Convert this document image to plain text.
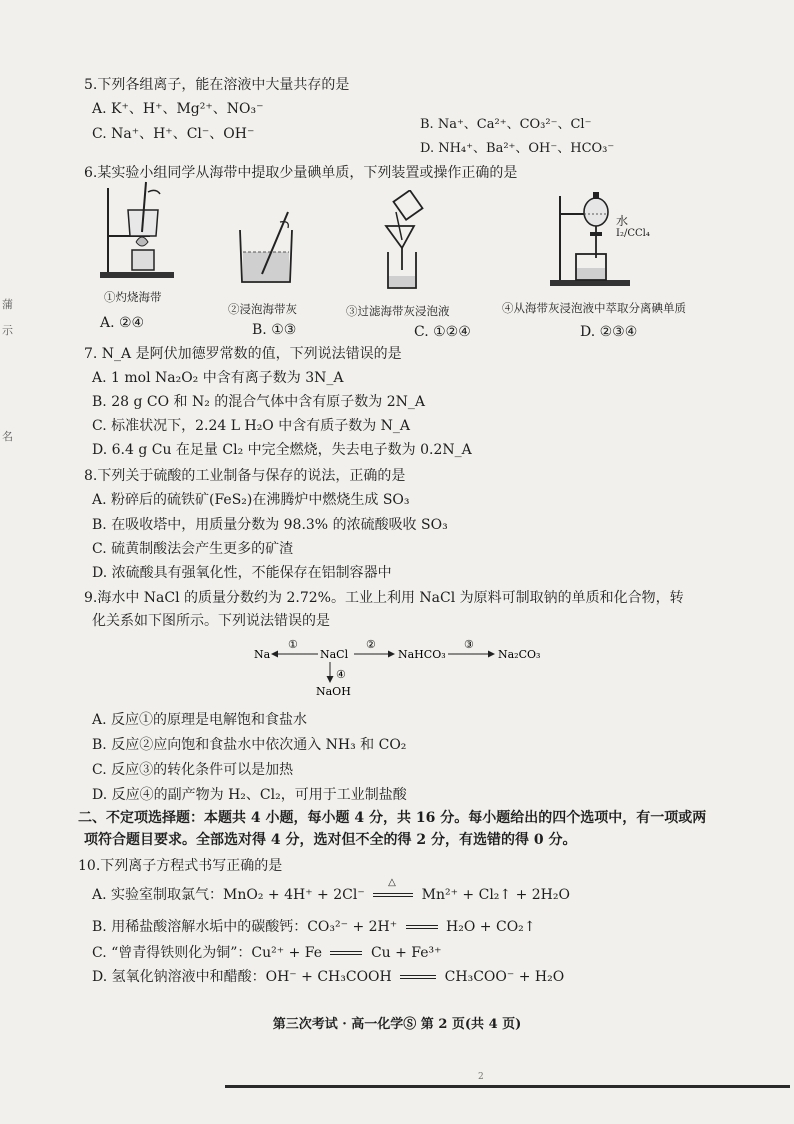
蒲
示
名
5.下列各组离子，能在溶液中大量共存的是
A. K⁺、H⁺、Mg²⁺、NO₃⁻
C. Na⁺、H⁺、Cl⁻、OH⁻
B. Na⁺、Ca²⁺、CO₃²⁻、Cl⁻
D. NH₄⁺、Ba²⁺、OH⁻、HCO₃⁻
6.某实验小组同学从海带中提取少量碘单质，下列装置或操作正确的是
①灼烧海带
②浸泡海带灰	③过滤海带灰浸泡液
水
I₂/CCl₄
④从海带灰浸泡液中萃取分离碘单质
A. ②④	B. ①③	C. ①②④	D. ②③④
7. N_A 是阿伏加德罗常数的值，下列说法错误的是
A. 1 mol Na₂O₂ 中含有离子数为 3N_A
B. 28 g CO 和 N₂ 的混合气体中含有原子数为 2N_A
C. 标准状况下，2.24 L H₂O 中含有质子数为 N_A
D. 6.4 g Cu 在足量 Cl₂ 中完全燃烧，失去电子数为 0.2N_A
8.下列关于硫酸的工业制备与保存的说法，正确的是
A. 粉碎后的硫铁矿(FeS₂)在沸腾炉中燃烧生成 SO₃
B. 在吸收塔中，用质量分数为 98.3% 的浓硫酸吸收 SO₃
C. 硫黄制酸法会产生更多的矿渣
D. 浓硫酸具有强氧化性，不能保存在铝制容器中
9.海水中 NaCl 的质量分数约为 2.72%。工业上利用 NaCl 为原料可制取钠的单质和化合物，转
化关系如下图所示。下列说法错误的是
Na
①
NaCl
②
NaHCO₃
③
Na₂CO₃
④
NaOH
A. 反应①的原理是电解饱和食盐水
B. 反应②应向饱和食盐水中依次通入 NH₃ 和 CO₂
C. 反应③的转化条件可以是加热
D. 反应④的副产物为 H₂、Cl₂，可用于工业制盐酸
二、不定项选择题：本题共 4 小题，每小题 4 分，共 16 分。每小题给出的四个选项中，有一项或两
项符合题目要求。全部选对得 4 分，选对但不全的得 2 分，有选错的得 0 分。
10.下列离子方程式书写正确的是
A. 实验室制取氯气：MnO₂ + 4H⁺ + 2Cl⁻
△
Mn²⁺ + Cl₂↑ + 2H₂O
B. 用稀盐酸溶解水垢中的碳酸钙：CO₃²⁻ + 2H⁺	H₂O + CO₂↑
C. “曾青得铁则化为铜”：Cu²⁺ + Fe	Cu + Fe³⁺
D. 氢氧化钠溶液中和醋酸：OH⁻ + CH₃COOH	CH₃COO⁻ + H₂O
第三次考试 · 高一化学Ⓢ 第 2 页(共 4 页)
2
